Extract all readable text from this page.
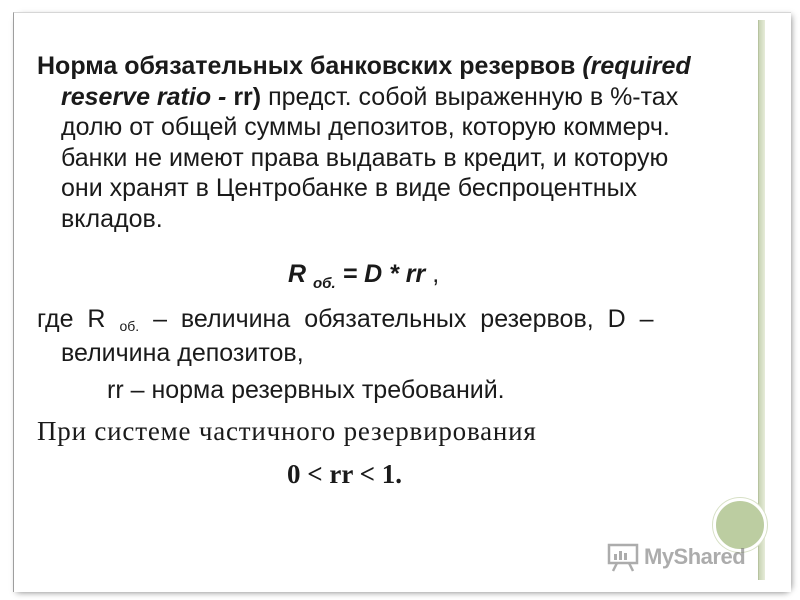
Норма обязательных банковских резервов (required
reserve ratio - rr) предст. собой выраженную в %-тах
долю от общей суммы депозитов, которую коммерч.
банки не имеют права выдавать в кредит, и которую
они хранят в Центробанке в виде беспроцентных
вкладов.
R $_{об.}$ = D * rr ,
где R об. – величина обязательных резервов, D –
величина депозитов,
rr – норма резервных требований.
При системе частичного резервирования
0 < rr < 1.
MyShared
